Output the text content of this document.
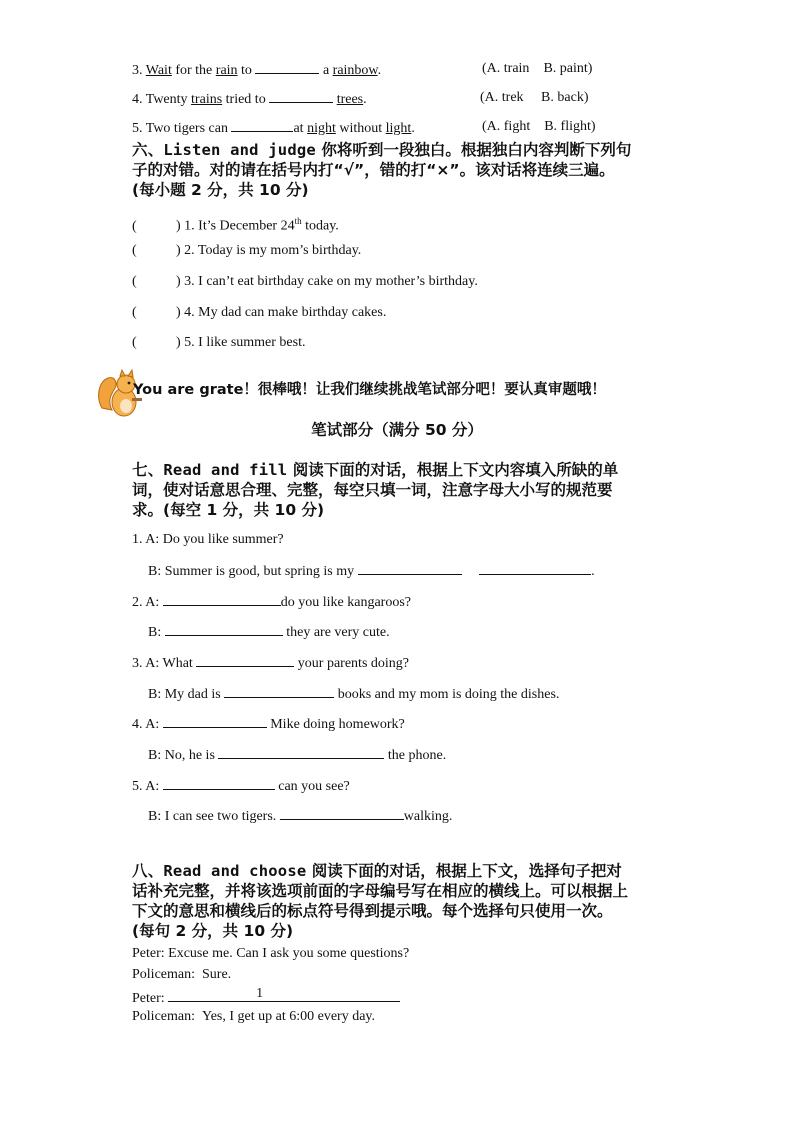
3. Wait for the rain to	a rainbow.	(A. train B. paint)
4. Twenty trains tried to	trees.	(A. trek B. back)
5. Two tigers can	at night without light.	(A. fight B. flight)
六、Listen and judge 你将听到一段独白。根据独白内容判断下列句子的对错。对的请在括号内打“√”，错的打“×”。该对话将连续三遍。(每小题 2 分，共 10 分)
(	) 1. It’s December 24th today.
(	) 2. Today is my mom’s birthday.
(	) 3. I can’t eat birthday cake on my mother’s birthday.
(	) 4. My dad can make birthday cakes.
(	) 5. I like summer best.
You are grate！很棒哦！让我们继续挑战笔试部分吧！要认真审题哦！
笔试部分（满分 50 分）
七、Read and fill 阅读下面的对话，根据上下文内容填入所缺的单词，使对话意思合理、完整，每空只填一词，注意字母大小写的规范要求。(每空 1 分，共 10 分)
1. A: Do you like summer?
B: Summer is good, but spring is my	.
2. A:	do you like kangaroos?
B:	they are very cute.
3. A: What	your parents doing?
B: My dad is	books and my mom is doing the dishes.
4. A:	Mike doing homework?
B: No, he is	the phone.
5. A:	can you see?
B: I can see two tigers.	walking.
八、Read and choose 阅读下面的对话，根据上下文，选择句子把对话补充完整，并将该选项前面的字母编号写在相应的横线上。可以根据上下文的意思和横线后的标点符号得到提示哦。每个选择句只使用一次。(每句 2 分，共 10 分)
Peter: Excuse me. Can I ask you some questions?
Policeman: Sure.
Peter:	1
Policeman: Yes, I get up at 6:00 every day.
